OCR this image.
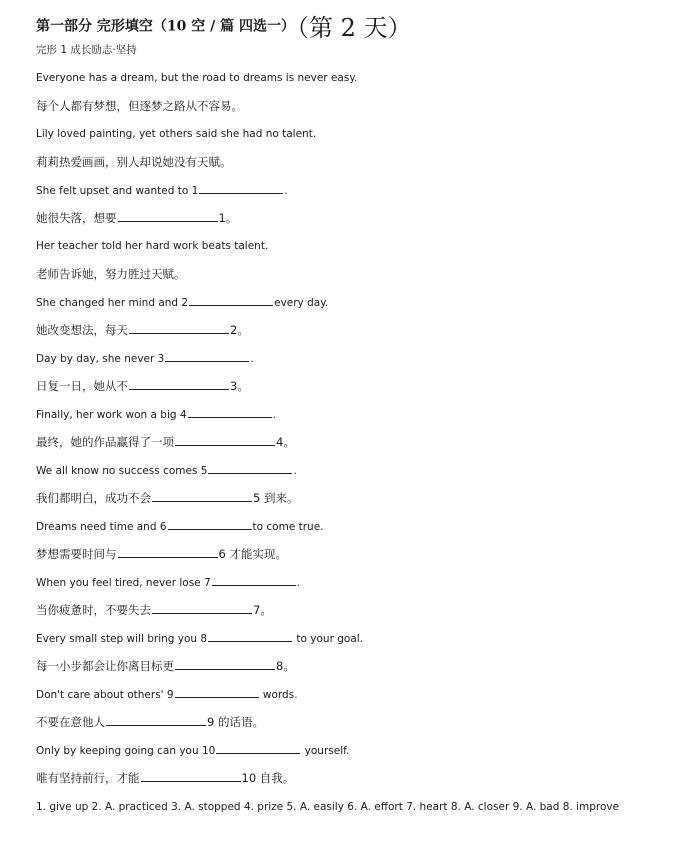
第一部分 完形填空（10 空 / 篇 四选一）（第 2 天）
完形 1 成长励志·坚持
Everyone has a dream, but the road to dreams is never easy.
每个人都有梦想，但逐梦之路从不容易。
Lily loved painting, yet others said she had no talent.
莉莉热爱画画，别人却说她没有天赋。
She felt upset and wanted to 1	.
她很失落，想要	1。
Her teacher told her hard work beats talent.
老师告诉她，努力胜过天赋。
She changed her mind and 2	every day.
她改变想法，每天	2。
Day by day, she never 3	.
日复一日，她从不	3。
Finally, her work won a big 4	.
最终，她的作品赢得了一项	4。
We all know no success comes 5	.
我们都明白，成功不会	5 到来。
Dreams need time and 6	to come true.
梦想需要时间与	6 才能实现。
When you feel tired, never lose 7	.
当你疲惫时，不要失去	7。
Every small step will bring you 8	to your goal.
每一小步都会让你离目标更	8。
Don't care about others' 9	words.
不要在意他人	9 的话语。
Only by keeping going can you 10	yourself.
唯有坚持前行，才能	10 自我。
1. give up 2. A. practiced 3. A. stopped 4. prize 5. A. easily 6. A. effort 7. heart 8. A. closer 9. A. bad 8. improve
